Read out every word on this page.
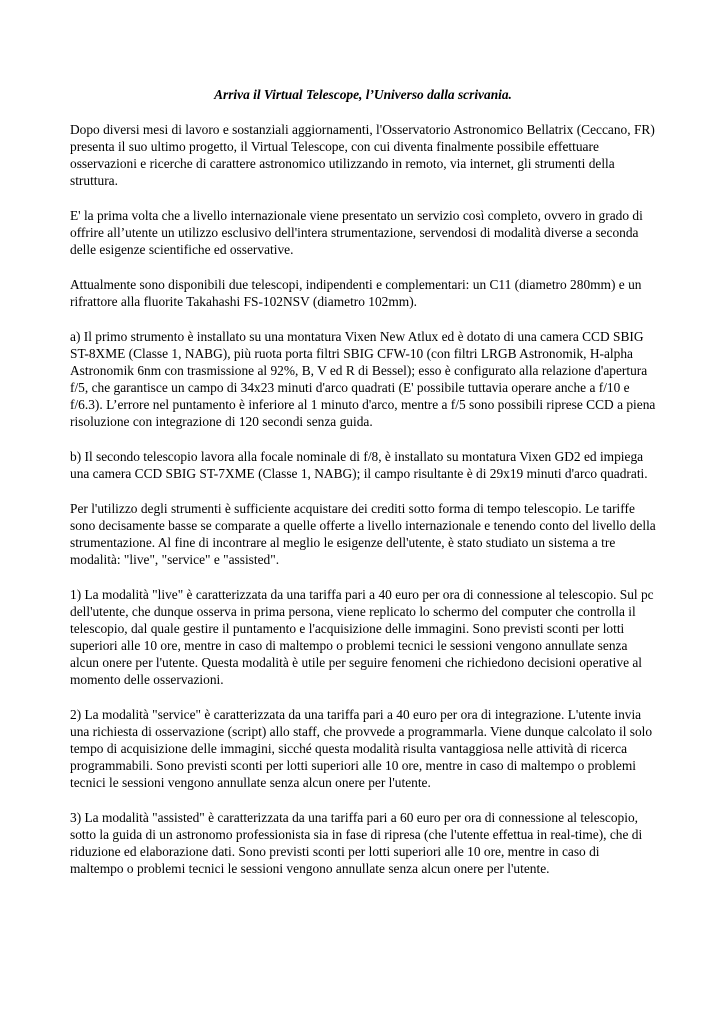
Arriva il Virtual Telescope, l’Universo dalla scrivania.

Dopo diversi mesi di lavoro e sostanziali aggiornamenti, l'Osservatorio Astronomico Bellatrix (Ceccano, FR) presenta il suo ultimo progetto, il Virtual Telescope, con cui diventa finalmente possibile effettuare osservazioni e ricerche di carattere astronomico utilizzando in remoto, via internet, gli strumenti della struttura.

E' la prima volta che a livello internazionale viene presentato un servizio così completo, ovvero in grado di offrire all’utente un utilizzo esclusivo dell'intera strumentazione, servendosi di modalità diverse a seconda delle esigenze scientifiche ed osservative.

Attualmente sono disponibili due telescopi, indipendenti e complementari: un C11 (diametro 280mm) e un rifrattore alla fluorite Takahashi FS-102NSV (diametro 102mm).

a) Il primo strumento è installato su una montatura Vixen New Atlux ed è dotato di una camera CCD SBIG ST-8XME (Classe 1, NABG), più ruota porta filtri SBIG CFW-10 (con filtri LRGB Astronomik, H-alpha Astronomik 6nm con trasmissione al 92%, B, V ed R di Bessel); esso è configurato alla relazione d'apertura f/5, che garantisce un campo di 34x23 minuti d'arco quadrati (E' possibile tuttavia operare anche a f/10 e f/6.3). L’errore nel puntamento è inferiore al 1 minuto d'arco, mentre a f/5 sono possibili riprese CCD a piena risoluzione con integrazione di 120 secondi senza guida.

b) Il secondo telescopio lavora alla focale nominale di f/8, è installato su montatura Vixen GD2 ed impiega una camera CCD SBIG ST-7XME (Classe 1, NABG); il campo risultante è di 29x19 minuti d'arco quadrati.

Per l'utilizzo degli strumenti è sufficiente acquistare dei crediti sotto forma di tempo telescopio. Le tariffe sono decisamente basse se comparate a quelle offerte a livello internazionale e tenendo conto del livello della strumentazione. Al fine di incontrare al meglio le esigenze dell'utente, è stato studiato un sistema a tre modalità: "live", "service" e "assisted".

1) La modalità "live" è caratterizzata da una tariffa pari a 40 euro per ora di connessione al telescopio. Sul pc dell'utente, che dunque osserva in prima persona, viene replicato lo schermo del computer che controlla il telescopio, dal quale gestire il puntamento e l'acquisizione delle immagini. Sono previsti sconti per lotti superiori alle 10 ore, mentre in caso di maltempo o problemi tecnici le sessioni vengono annullate senza alcun onere per l'utente. Questa modalità è utile per seguire fenomeni che richiedono decisioni operative al momento delle osservazioni.

2) La modalità "service" è caratterizzata da una tariffa pari a 40 euro per ora di integrazione. L'utente invia una richiesta di osservazione (script) allo staff, che provvede a programmarla. Viene dunque calcolato il solo tempo di acquisizione delle immagini, sicché questa modalità risulta vantaggiosa nelle attività di ricerca programmabili. Sono previsti sconti per lotti superiori alle 10 ore, mentre in caso di maltempo o problemi tecnici le sessioni vengono annullate senza alcun onere per l'utente.

3) La modalità "assisted" è caratterizzata da una tariffa pari a 60 euro per ora di connessione al telescopio, sotto la guida di un astronomo professionista sia in fase di ripresa (che l'utente effettua in real-time), che di riduzione ed elaborazione dati. Sono previsti sconti per lotti superiori alle 10 ore, mentre in caso di maltempo o problemi tecnici le sessioni vengono annullate senza alcun onere per l'utente.
